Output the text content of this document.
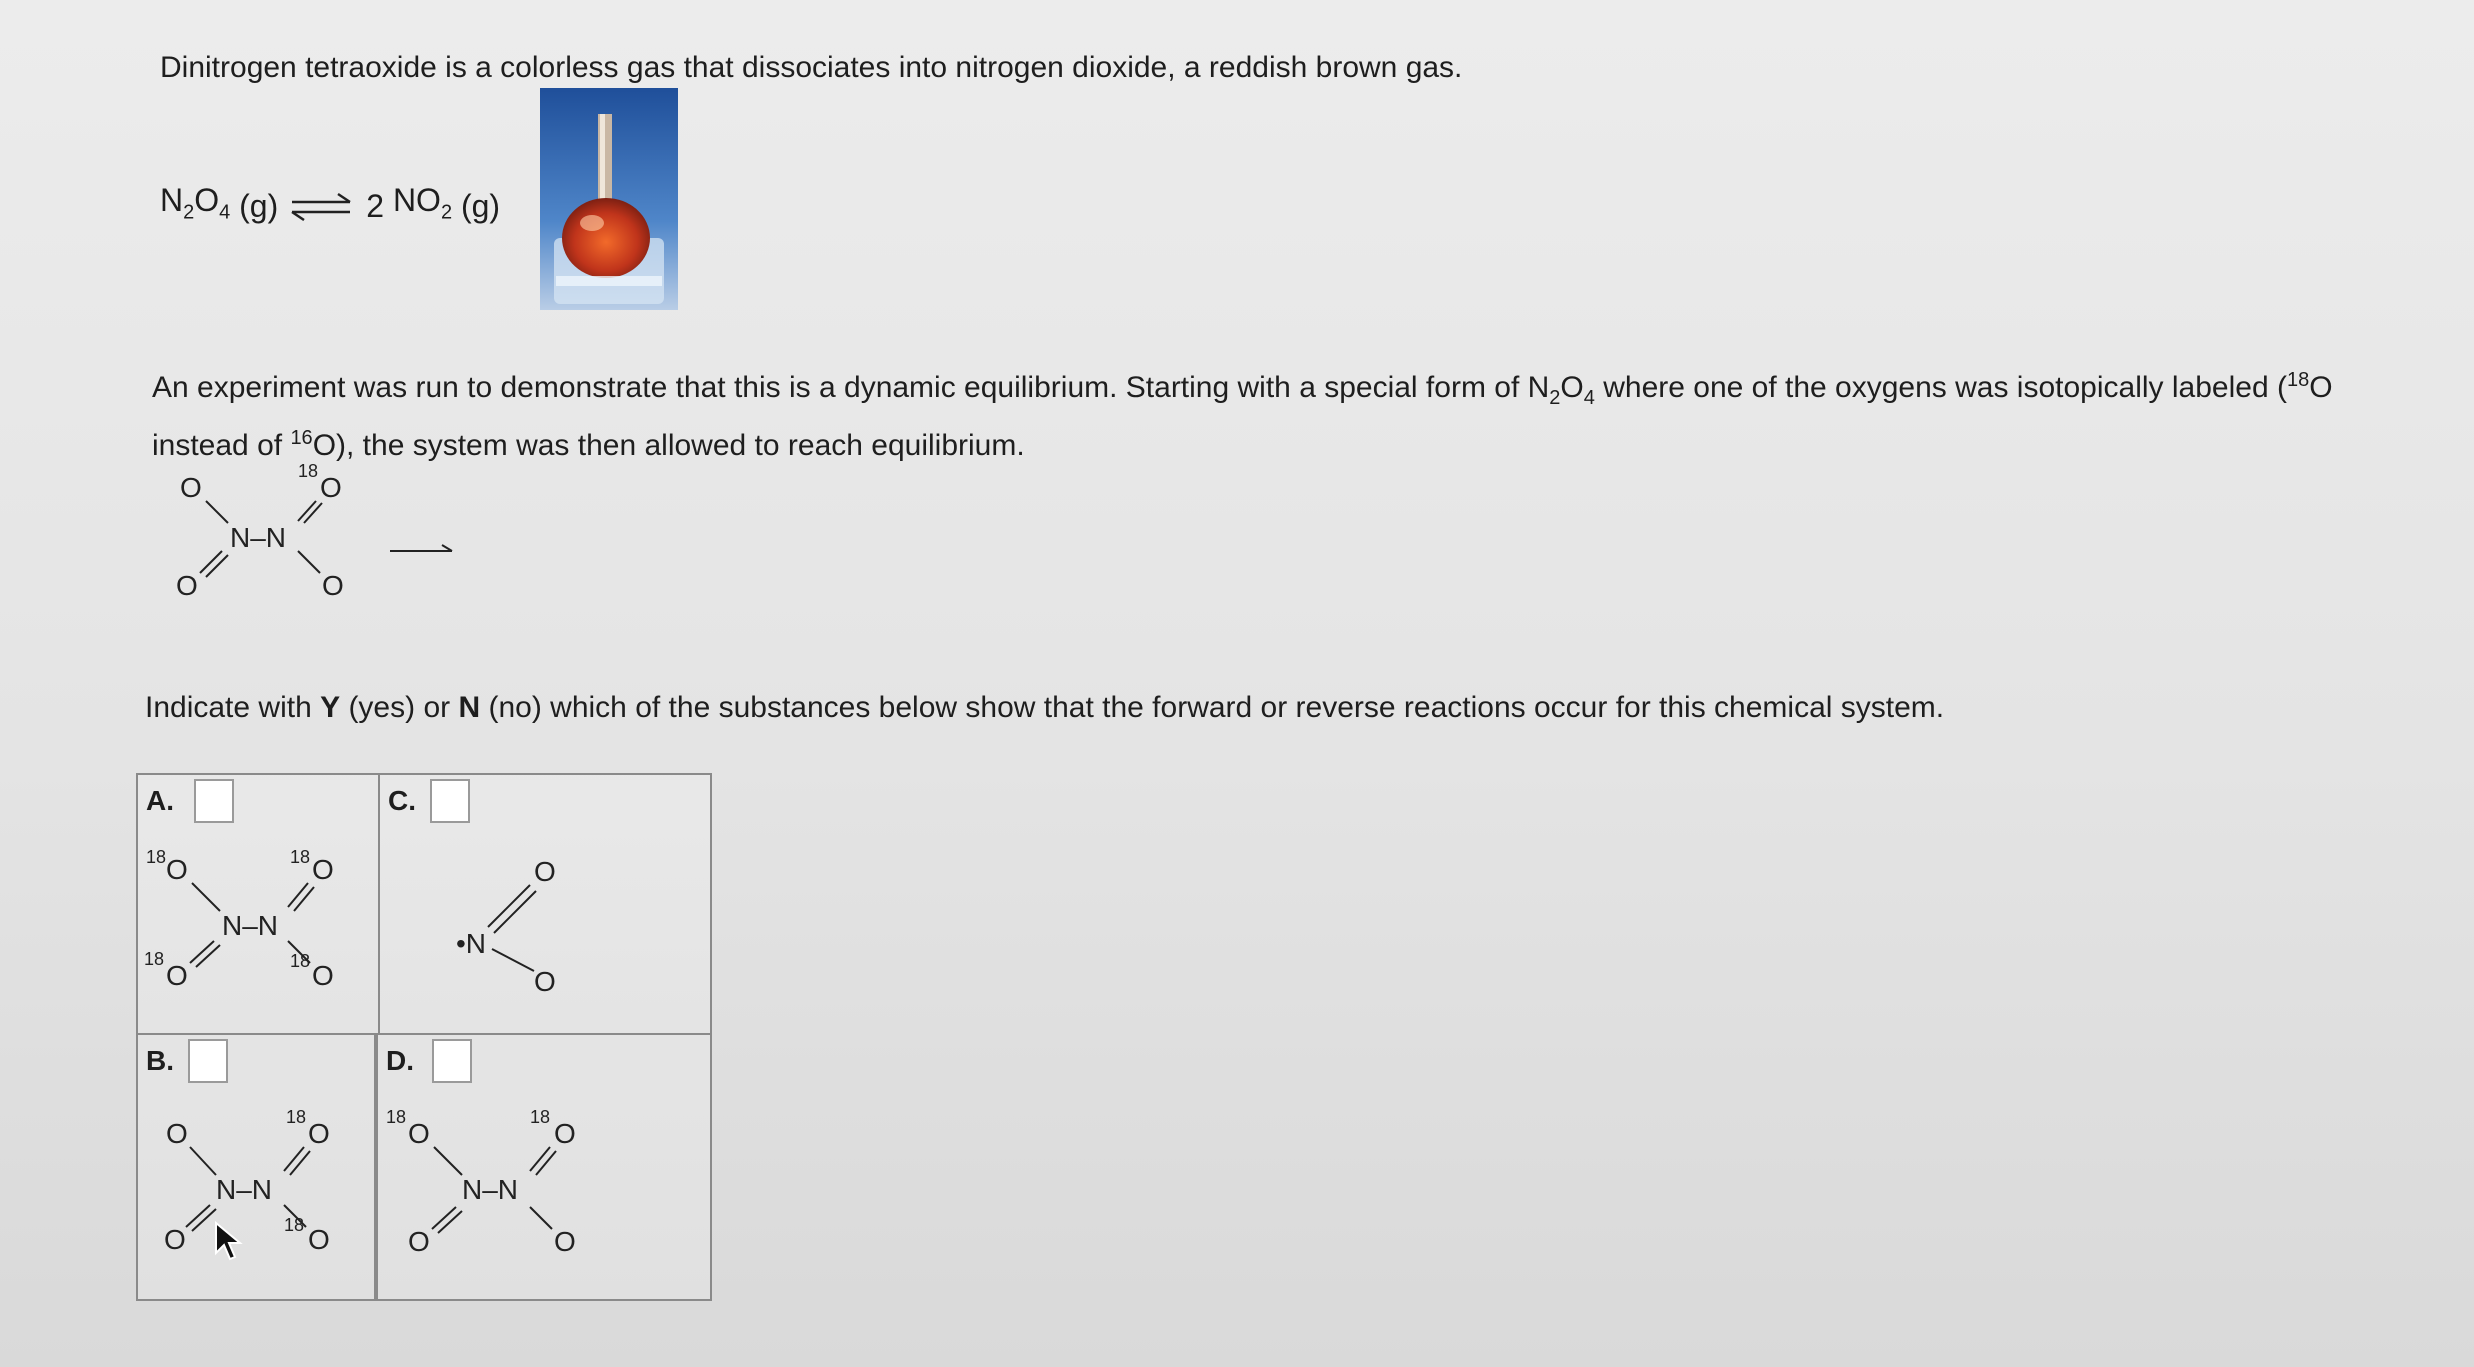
Dinitrogen tetraoxide is a colorless gas that dissociates into nitrogen dioxide, a reddish brown gas.

$N_2O_4$
(g) ⇌ 2
$NO_2$
(g)

An experiment was run to demonstrate that this is a dynamic equilibrium. Starting with a special form of $N_2O_4$ where one of the oxygens was isotopically labeled ($^{18}$O instead of $^{16}$O), the system was then allowed to reach equilibrium.

O
18
O
N–N
O	O

Indicate with Y (yes) or N (no) which of the substances below show that the forward or reverse reactions occur for this chemical system.

A.
18 O	18 O
N–N
18
O	18 O
C.
•N
O
O
B.
O
18
O
N–N
O	18 O
D.
18
O
18
O
N–N
O	O
